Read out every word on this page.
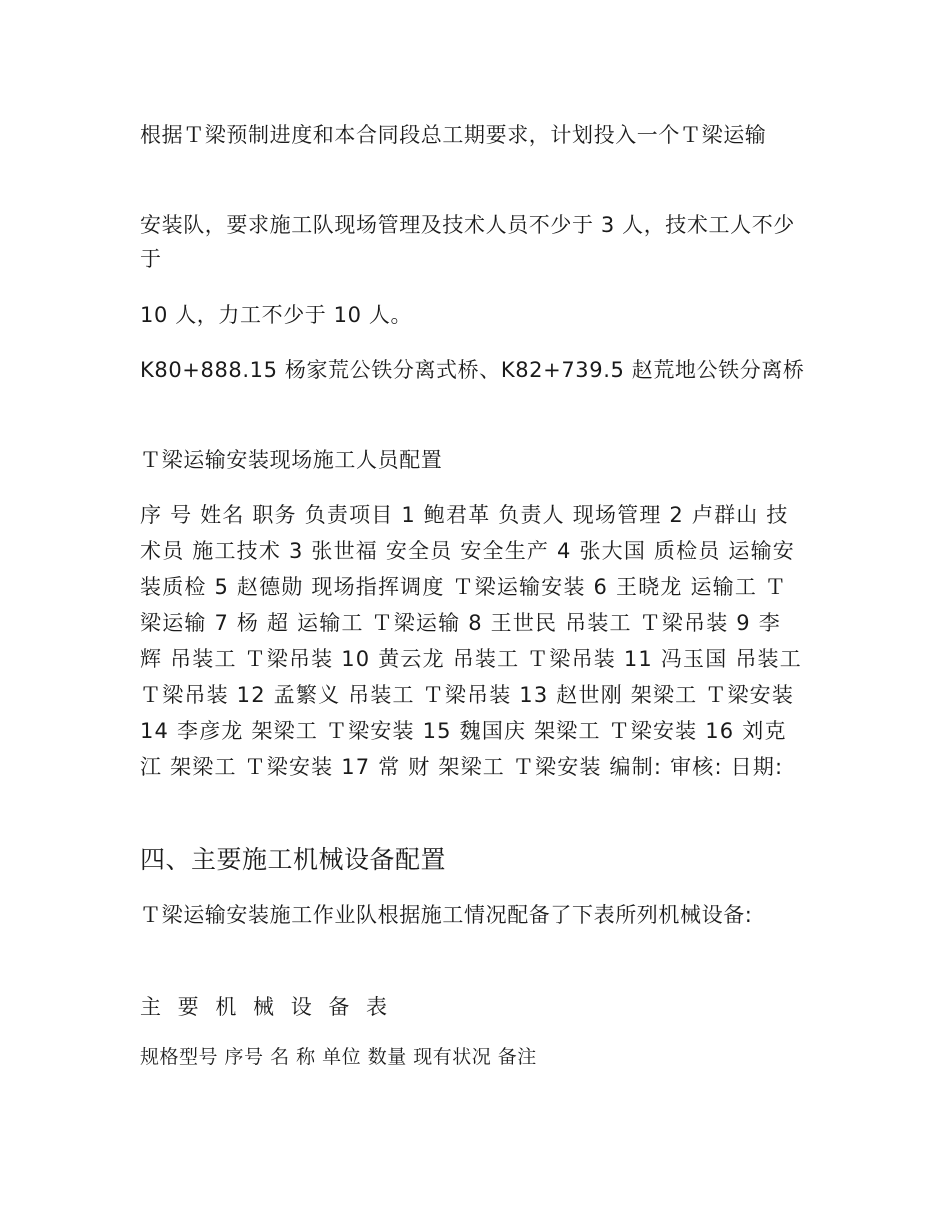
根据Ｔ梁预制进度和本合同段总工期要求，计划投入一个Ｔ梁运输

安装队，要求施工队现场管理及技术人员不少于 3 人，技术工人不少于

10 人，力工不少于 10 人。

K80+888.15 杨家荒公铁分离式桥、K82+739.5 赵荒地公铁分离桥

Ｔ梁运输安装现场施工人员配置

序 号 姓名 职务 负责项目 1 鲍君革 负责人 现场管理 2 卢群山 技术员 施工技术 3 张世福 安全员 安全生产 4 张大国 质检员 运输安装质检 5 赵德勋 现场指挥调度 Ｔ梁运输安装 6 王晓龙 运输工 Ｔ梁运输 7 杨 超 运输工 Ｔ梁运输 8 王世民 吊装工 Ｔ梁吊装 9 李 辉 吊装工 Ｔ梁吊装 10 黄云龙 吊装工 Ｔ梁吊装 11 冯玉国 吊装工 Ｔ梁吊装 12 孟繁义 吊装工 Ｔ梁吊装 13 赵世刚 架梁工 Ｔ梁安装 14 李彦龙 架梁工 Ｔ梁安装 15 魏国庆 架梁工 Ｔ梁安装 16 刘克江 架梁工 Ｔ梁安装 17 常 财 架梁工 Ｔ梁安装 编制: 审核: 日期:

四、主要施工机械设备配置

Ｔ梁运输安装施工作业队根据施工情况配备了下表所列机械设备:

主 要 机 械 设 备 表

规格型号 序号 名 称 单位 数量 现有状况 备注
